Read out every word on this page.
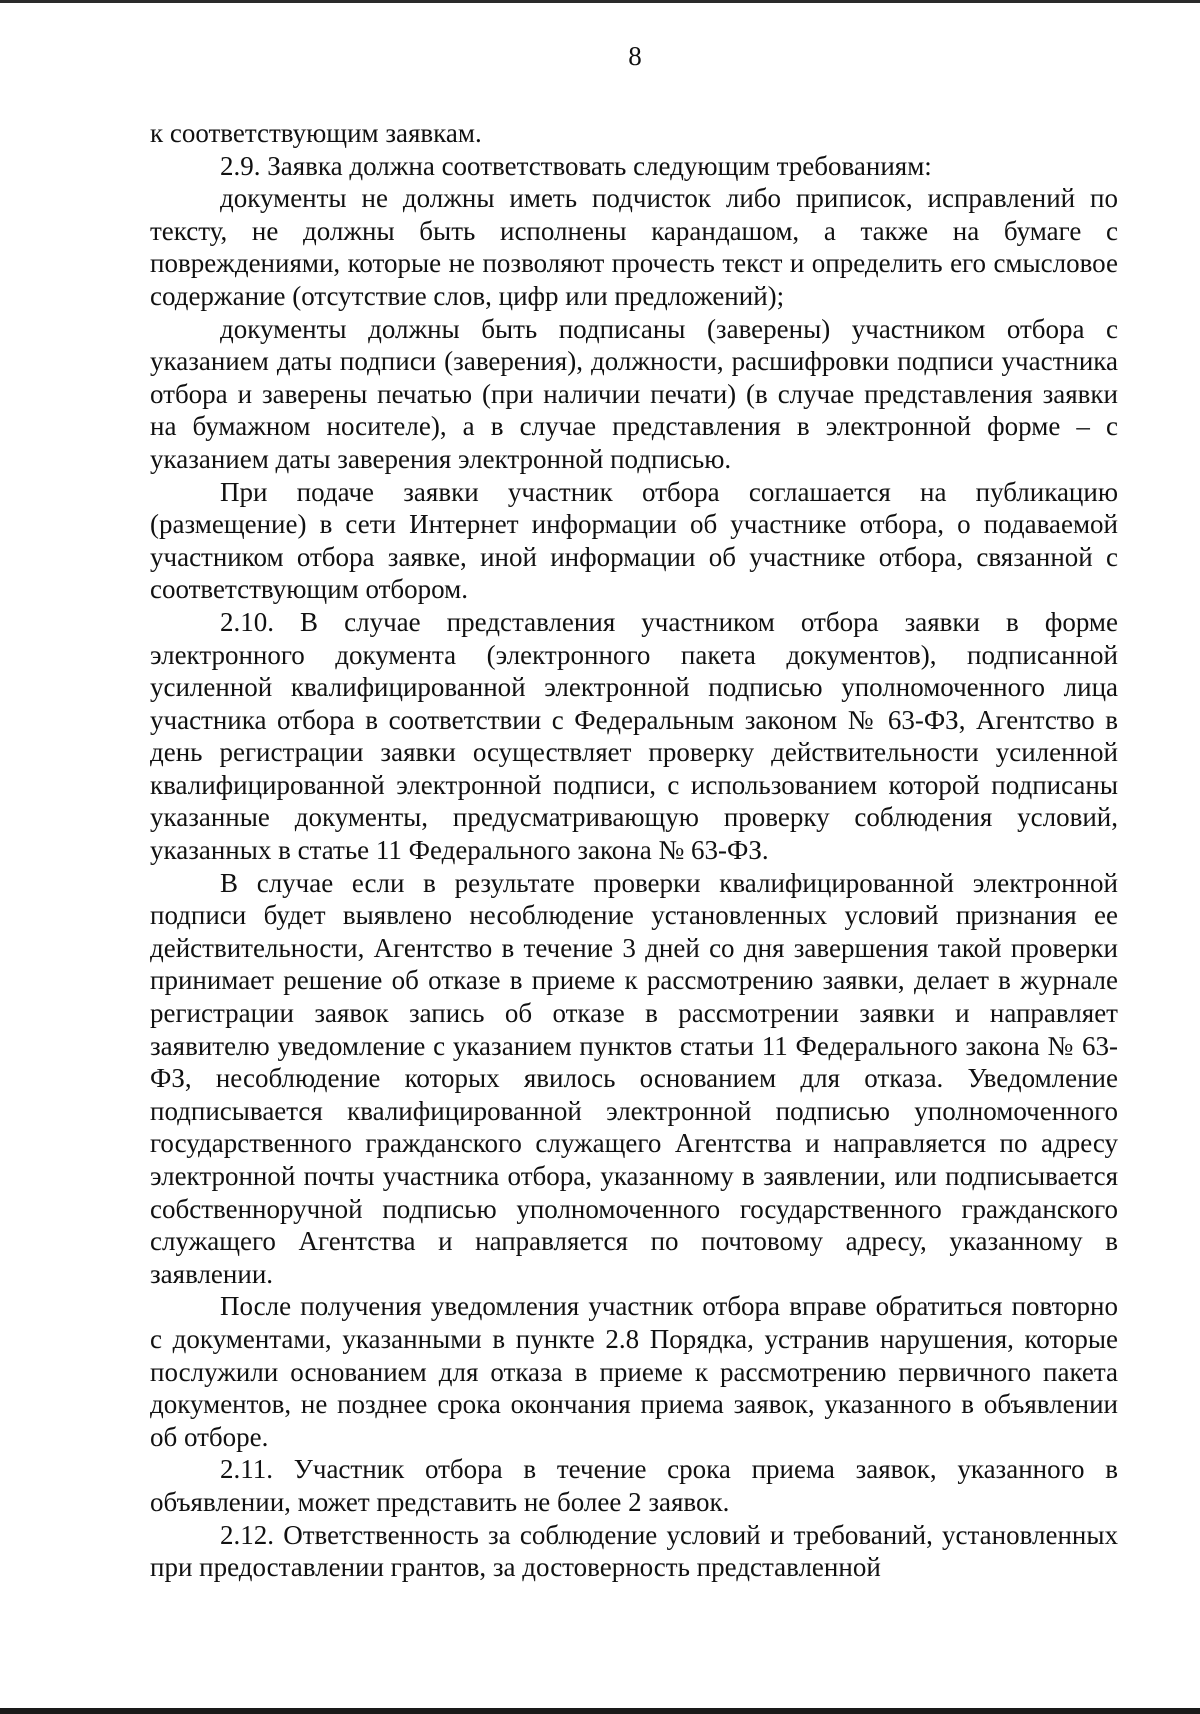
8

к соответствующим заявкам.

2.9. Заявка должна соответствовать следующим требованиям:

документы не должны иметь подчисток либо приписок, исправлений по тексту, не должны быть исполнены карандашом, а также на бумаге с повреждениями, которые не позволяют прочесть текст и определить его смысловое содержание (отсутствие слов, цифр или предложений);

документы должны быть подписаны (заверены) участником отбора с указанием даты подписи (заверения), должности, расшифровки подписи участника отбора и заверены печатью (при наличии печати) (в случае представления заявки на бумажном носителе), а в случае представления в электронной форме – с указанием даты заверения электронной подписью.

При подаче заявки участник отбора соглашается на публикацию (размещение) в сети Интернет информации об участнике отбора, о подаваемой участником отбора заявке, иной информации об участнике отбора, связанной с соответствующим отбором.

2.10. В случае представления участником отбора заявки в форме электронного документа (электронного пакета документов), подписанной усиленной квалифицированной электронной подписью уполномоченного лица участника отбора в соответствии с Федеральным законом № 63-ФЗ, Агентство в день регистрации заявки осуществляет проверку действительности усиленной квалифицированной электронной подписи, с использованием которой подписаны указанные документы, предусматривающую проверку соблюдения условий, указанных в статье 11 Федерального закона № 63-ФЗ.

В случае если в результате проверки квалифицированной электронной подписи будет выявлено несоблюдение установленных условий признания ее действительности, Агентство в течение 3 дней со дня завершения такой проверки принимает решение об отказе в приеме к рассмотрению заявки, делает в журнале регистрации заявок запись об отказе в рассмотрении заявки и направляет заявителю уведомление с указанием пунктов статьи 11 Федерального закона № 63-ФЗ, несоблюдение которых явилось основанием для отказа. Уведомление подписывается квалифицированной электронной подписью уполномоченного государственного гражданского служащего Агентства и направляется по адресу электронной почты участника отбора, указанному в заявлении, или подписывается собственноручной подписью уполномоченного государственного гражданского служащего Агентства и направляется по почтовому адресу, указанному в заявлении.

После получения уведомления участник отбора вправе обратиться повторно с документами, указанными в пункте 2.8 Порядка, устранив нарушения, которые послужили основанием для отказа в приеме к рассмотрению первичного пакета документов, не позднее срока окончания приема заявок, указанного в объявлении об отборе.

2.11. Участник отбора в течение срока приема заявок, указанного в объявлении, может представить не более 2 заявок.

2.12. Ответственность за соблюдение условий и требований, установленных при предоставлении грантов, за достоверность представленной
